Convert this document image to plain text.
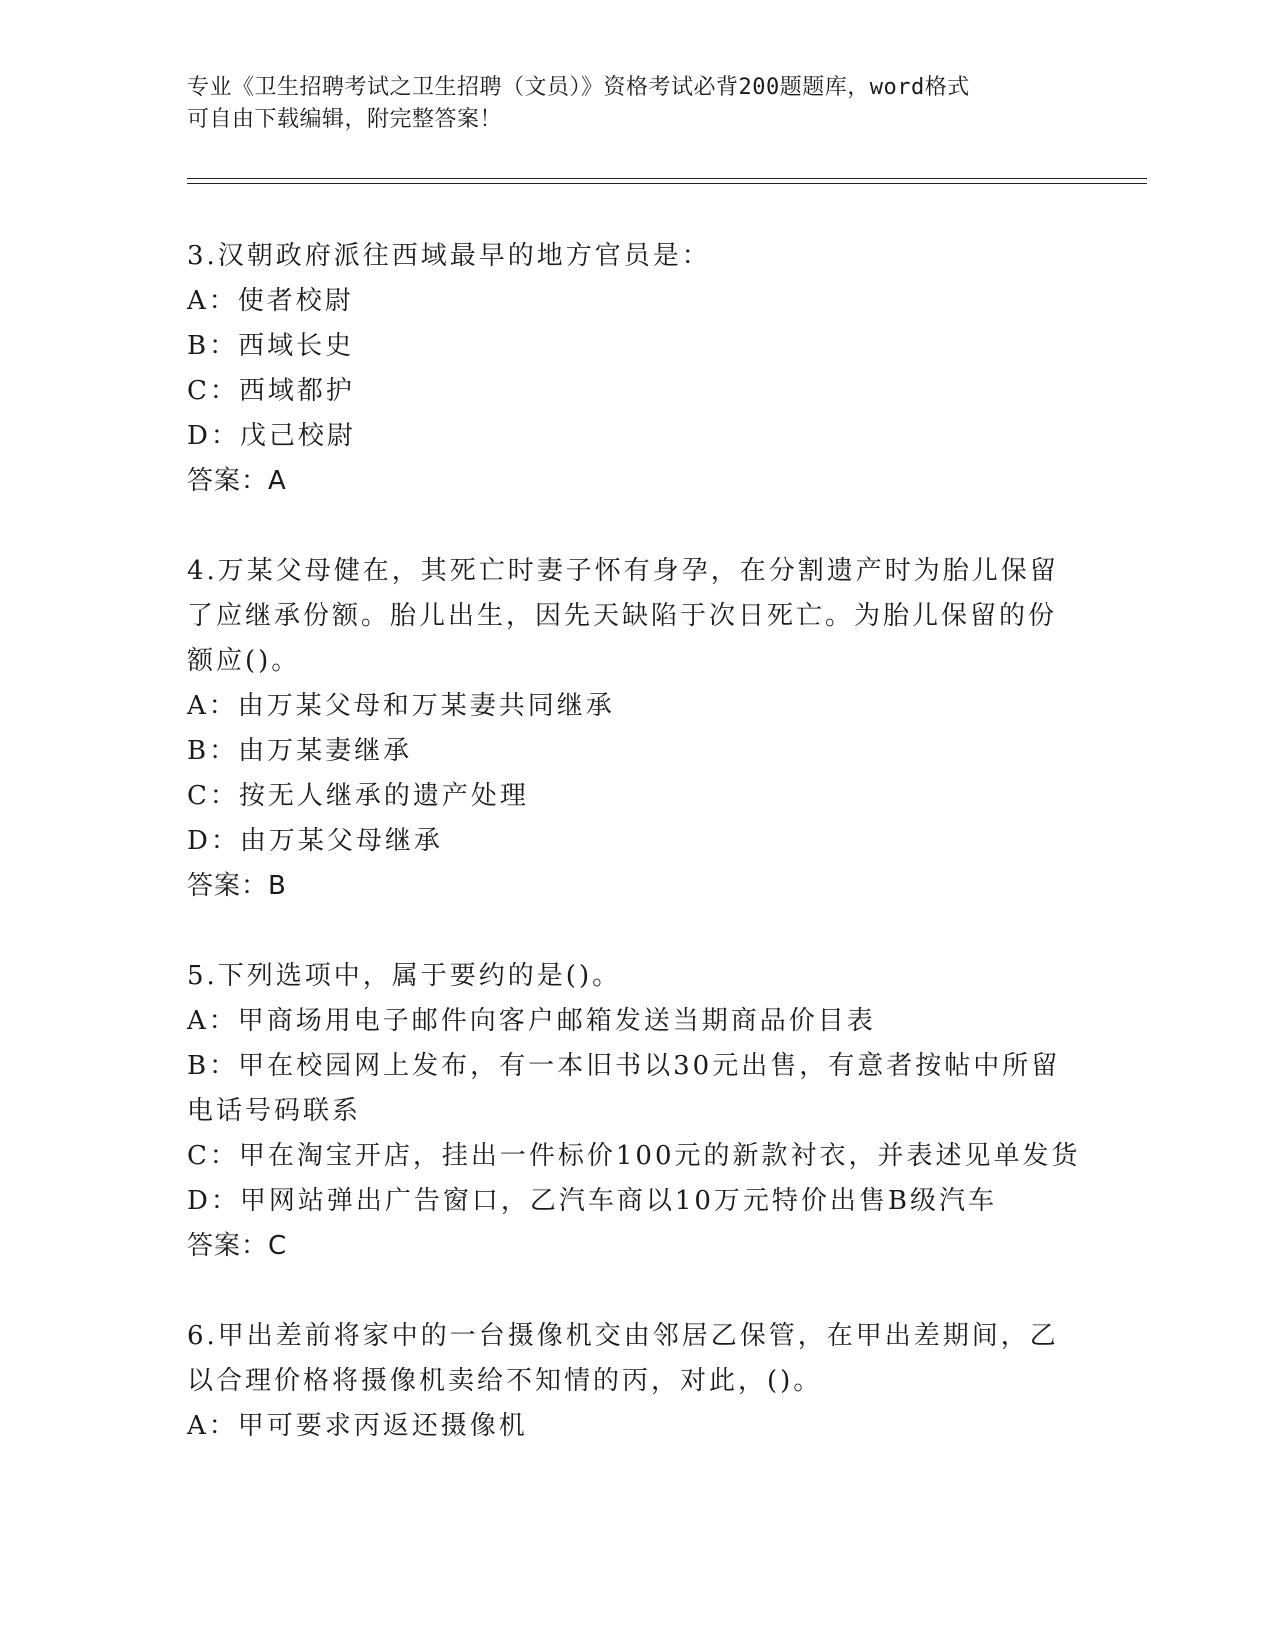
专业《卫生招聘考试之卫生招聘（文员）》资格考试必背200题题库，word格式
可自由下载编辑，附完整答案！
3.汉朝政府派往西域最早的地方官员是：
A：使者校尉
B：西域长史
C：西域都护
D：戊己校尉
答案：A
4.万某父母健在，其死亡时妻子怀有身孕，在分割遗产时为胎儿保留
了应继承份额。胎儿出生，因先天缺陷于次日死亡。为胎儿保留的份
额应()。
A：由万某父母和万某妻共同继承
B：由万某妻继承
C：按无人继承的遗产处理
D：由万某父母继承
答案：B
5.下列选项中，属于要约的是()。
A：甲商场用电子邮件向客户邮箱发送当期商品价目表
B：甲在校园网上发布，有一本旧书以30元出售，有意者按帖中所留
电话号码联系
C：甲在淘宝开店，挂出一件标价100元的新款衬衣，并表述见单发货
D：甲网站弹出广告窗口，乙汽车商以10万元特价出售B级汽车
答案：C
6.甲出差前将家中的一台摄像机交由邻居乙保管，在甲出差期间，乙
以合理价格将摄像机卖给不知情的丙，对此，()。
A：甲可要求丙返还摄像机
